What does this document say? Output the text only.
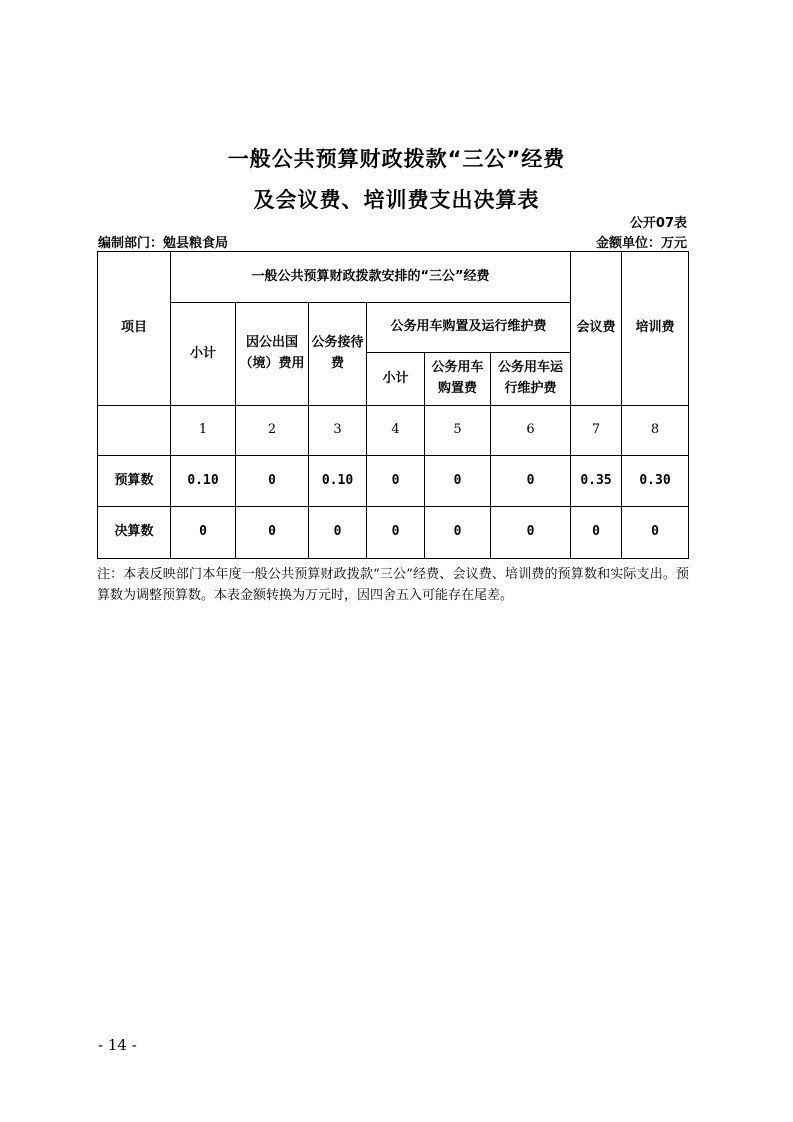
一般公共预算财政拨款“三公”经费
及会议费、培训费支出决算表
公开07表
编制部门：勉县粮食局	金额单位：万元
项目	一般公共预算财政拨款安排的“三公”经费						会议费	培训费
	小计	因公出国（境）费用	公务接待费	公务用车购置及运行维护费				
				小计	公务用车购置费	公务用车运行维护费		
	1	2	3	4	5	6	7	8
预算数	0.10	0	0.10	0	0	0	0.35	0.30
决算数	0	0	0	0	0	0	0	0
注：本表反映部门本年度一般公共预算财政拨款“三公”经费、会议费、培训费的预算数和实际支出。预算数为调整预算数。本表金额转换为万元时，因四舍五入可能存在尾差。
- 14 -
